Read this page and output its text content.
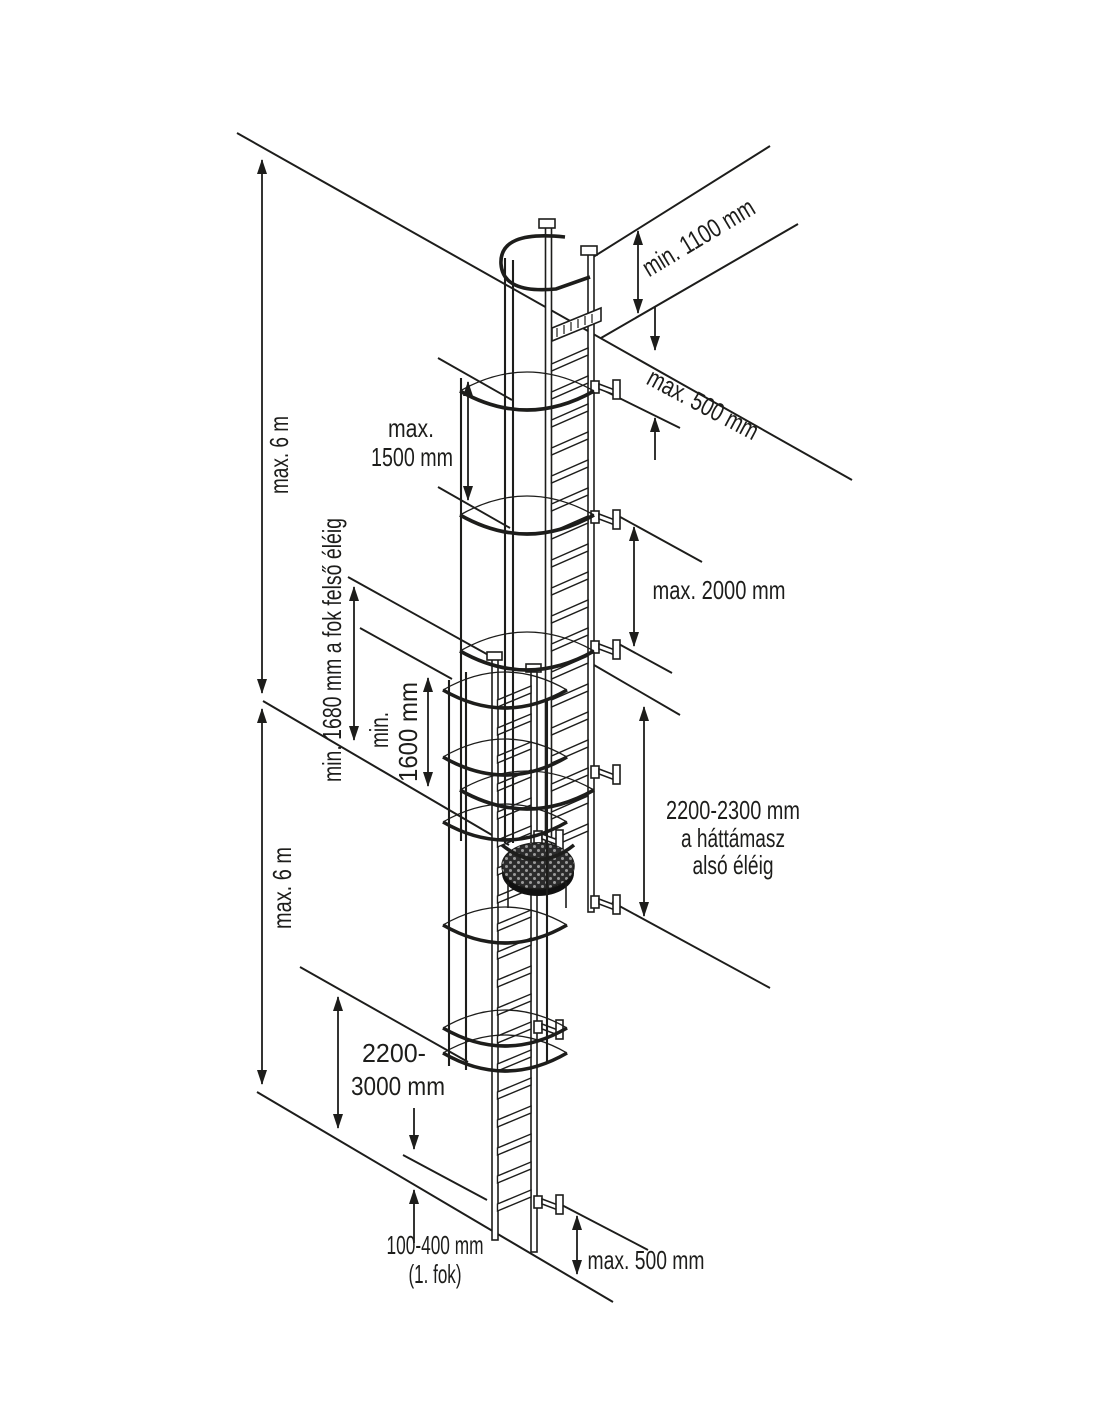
max. 6 m
max. 6 m
min. 1100 mm
max. 500 mm
max.
1500 mm
max. 2000 mm
2200-2300 mm
a háttámasz
alsó éléig
min. 1680 mm a fok felső éléig min. 1600 mm
2200-
3000 mm
100-400 mm
(1. fok)	max. 500 mm
